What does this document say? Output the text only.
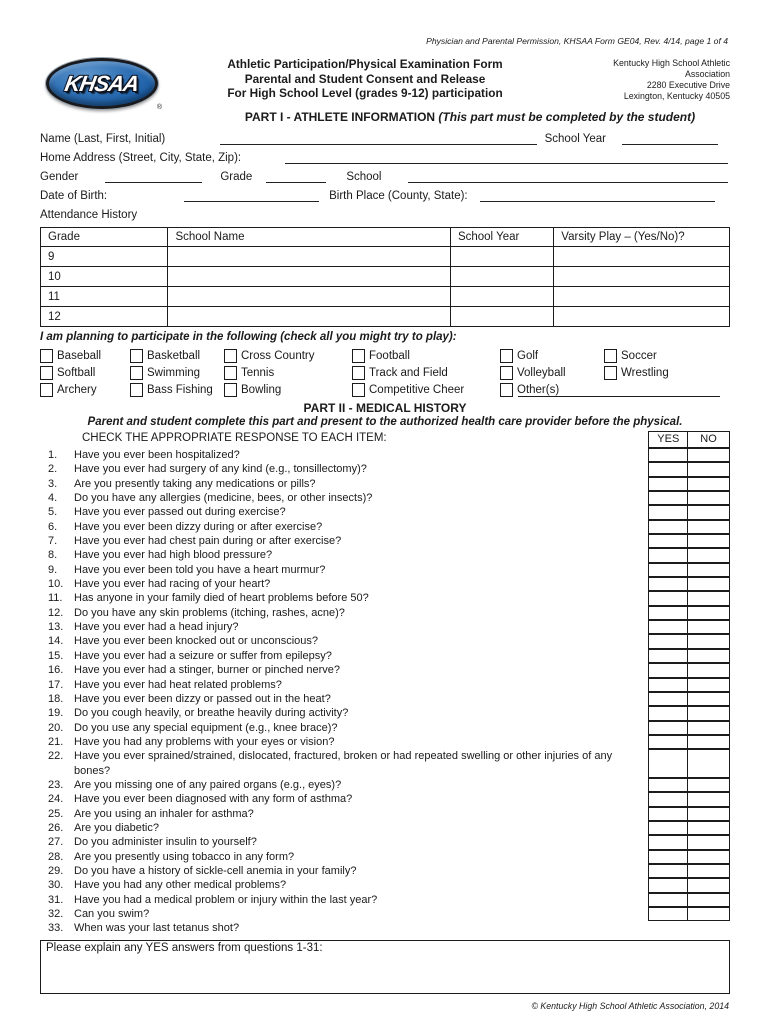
Physician and Parental Permission, KHSAA Form GE04, Rev. 4/14, page 1 of 4
KHSAA
®
Athletic Participation/Physical Examination Form
Parental and Student Consent and Release
For High School Level (grades 9-12) participation
Kentucky High School Athletic
Association
2280 Executive Drive
Lexington, Kentucky 40505
PART I - ATHLETE INFORMATION (This part must be completed by the student)
Name (Last, First, Initial)	School Year
Home Address (Street, City, State, Zip):
Gender	Grade	School
Date of Birth:	Birth Place (County, State):
Attendance History
Grade	School Name	School Year	Varsity Play – (Yes/No)?
9			
10			
11			
12			
I am planning to participate in the following (check all you might try to play):
Baseball
Softball
Archery
Basketball
Swimming
Bass Fishing
Cross Country
Tennis
Bowling
Football
Track and Field
Competitive Cheer
Golf
Volleyball
Other(s)
Soccer
Wrestling
PART II - MEDICAL HISTORY
Parent and student complete this part and present to the authorized health care provider before the physical.
CHECK THE APPROPRIATE RESPONSE TO EACH ITEM:	YES	NO
1.	Have you ever been hospitalized?
2.	Have you ever had surgery of any kind (e.g., tonsillectomy)?
3.	Are you presently taking any medications or pills?
4.	Do you have any allergies (medicine, bees, or other insects)?
5.	Have you ever passed out during exercise?
6.	Have you ever been dizzy during or after exercise?
7.	Have you ever had chest pain during or after exercise?
8.	Have you ever had high blood pressure?
9.	Have you ever been told you have a heart murmur?
10. Have you ever had racing of your heart?
11.	Has anyone in your family died of heart problems before 50?
12. Do you have any skin problems (itching, rashes, acne)?
13. Have you ever had a head injury?
14. Have you ever been knocked out or unconscious?
15. Have you ever had a seizure or suffer from epilepsy?
16. Have you ever had a stinger, burner or pinched nerve?
17. Have you ever had heat related problems?
18. Have you ever been dizzy or passed out in the heat?
19. Do you cough heavily, or breathe heavily during activity?
20. Do you use any special equipment (e.g., knee brace)?
21. Have you had any problems with your eyes or vision?
22. Have you ever sprained/strained, dislocated, fractured, broken or had repeated swelling or other injuries of any bones?
23. Are you missing one of any paired organs (e.g., eyes)?
24. Have you ever been diagnosed with any form of asthma?
25. Are you using an inhaler for asthma?
26. Are you diabetic?
27. Do you administer insulin to yourself?
28. Are you presently using tobacco in any form?
29. Do you have a history of sickle-cell anemia in your family?
30. Have you had any other medical problems?
31. Have you had a medical problem or injury within the last year?
32. Can you swim?
33. When was your last tetanus shot?
Please explain any YES answers from questions 1-31:
© Kentucky High School Athletic Association, 2014
